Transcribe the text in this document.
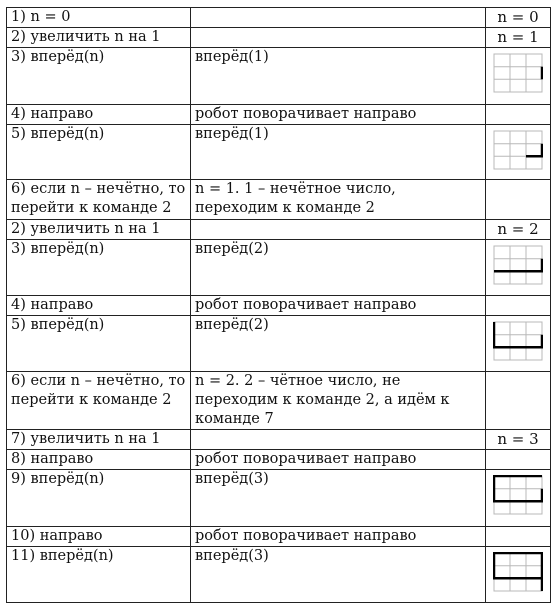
1) n = 0		n = 0
2) увеличить n на 1		n = 1
3) вперёд(n)	вперёд(1)	

4) направо	робот поворачивает направо	
5) вперёд(n)	вперёд(1)	

6) если n – нечётно, то перейти к команде 2	n = 1. 1 – нечётное число, переходим к команде 2	
2) увеличить n на 1		n = 2
3) вперёд(n)	вперёд(2)	

4) направо	робот поворачивает направо	
5) вперёд(n)	вперёд(2)	

6) если n – нечётно, то перейти к команде 2	n = 2. 2 – чётное число, не переходим к команде 2, а идём к команде 7	
7) увеличить n на 1		n = 3
8) направо	робот поворачивает направо	
9) вперёд(n)	вперёд(3)	

10) направо	робот поворачивает направо	
11) вперёд(n)	вперёд(3)	
